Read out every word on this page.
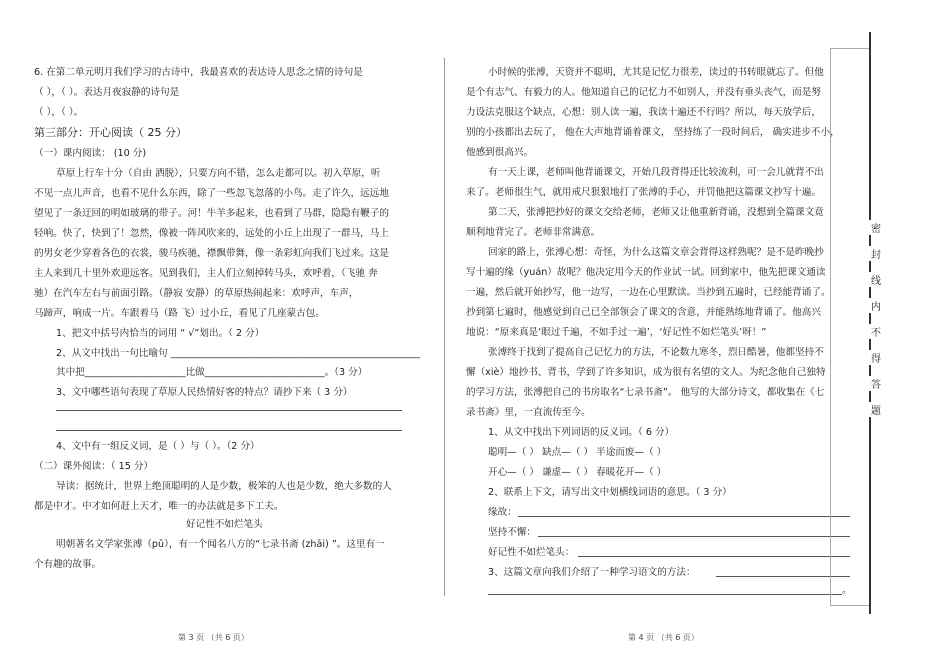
6. 在第二单元明月我们学习的古诗中，我最喜欢的表达诗人思念之情的诗句是
（ ），（ ）。表达月夜寂静的诗句是
（ ），（ ）。
第三部分：开心阅读（ 25 分）
（一）课内阅读： (10 分)
草原上行车十分（自由 洒脱），只要方向不错，怎么走都可以。初入草原，听
不见一点儿声音，也看不见什么东西，除了一些忽飞忽落的小鸟。走了许久，远远地
望见了一条迂回的明如玻璃的带子。河！牛羊多起来，也看到了马群，隐隐有鞭子的
轻响。快了，快到了！忽然，像被一阵风吹来的，远处的小丘上出现了一群马，马上
的男女老少穿着各色的衣裳，骏马疾驰，襟飘带舞，像一条彩虹向我们飞过来。这是
主人来到几十里外欢迎远客。见到我们，主人们立刻掉转马头，欢呼着，（飞驰 奔
驰）在汽车左右与前面引路。（静寂 安静）的草原热闹起来：欢呼声，车声，
马蹄声，响成一片。车跟着马（路 飞）过小丘，看见了几座蒙古包。
1、把文中括号内恰当的词用 “ √”划出。（ 2 分）
2、从文中找出一句比喻句 ____________________________________________________
其中把_____________________比做_________________________。（3 分）
3、文中哪些语句表现了草原人民热情好客的特点？请抄下来（ 3 分）
4、文中有一组反义词，是（ ）与（ ）。（2 分）
（二）课外阅读：（ 15 分）
导读：据统计，世界上绝顶聪明的人是少数，极笨的人也是少数，绝大多数的人
都是中才。中才如何赶上天才，唯一的办法就是多下工夫。
好记性不如烂笔头
明朝著名文学家张溥（pǔ），有一个闻名八方的“七录书斋 (zhāi) ”。这里有一
个有趣的故事。
第 3 页 （共 6 页）
小时候的张溥，天资并不聪明，尤其是记忆力很差，读过的书转眼就忘了。但他
是个有志气、有毅力的人。他知道自己的记忆力不如别人，并没有垂头丧气，而是努
力设法克服这个缺点，心想：别人读一遍，我读十遍还不行吗？所以，每天放学后，
别的小孩都出去玩了， 他在大声地背诵着课文， 坚持练了一段时间后， 确实进步不小，
他感到很高兴。
有一天上课，老师叫他背诵课文，开始几段背得还比较流利，可一会儿就背不出
来了。老师很生气，就用戒尺狠狠地打了张溥的手心，并罚他把这篇课文抄写十遍。
第二天，张溥把抄好的课文交给老师，老师又让他重新背诵，没想到全篇课文竟
顺利地背完了。老师非常满意。
回家的路上，张溥心想：奇怪，为什么这篇文章会背得这样熟呢？是不是昨晚抄
写十遍的缘（yuán）故呢？他决定用今天的作业试一试。回到家中，他先把课文通读
一遍，然后就开始抄写，他一边写，一边在心里默读。当抄到五遍时，已经能背诵了。
抄到第七遍时，他感觉到自己已全部领会了课文的含意，并能熟练地背诵了。他高兴
地说：“原来真是‘眼过千遍，不如手过一遍’，‘好记性不如烂笔头’呀！”
张溥终于找到了提高自己记忆力的方法，不论数九寒冬，烈日酷暑，他都坚持不
懈（xiè）地抄书、背书，学到了许多知识，成为很有名望的文人。为纪念他自己独特
的学习方法，张溥把自己的书房取名“七录书斋”。 他写的大部分诗文，都收集在《七
录书斋》里，一直流传至今。
1、从文中找出下列词语的反义词。（ 6 分）
聪明—（ ） 缺点—（ ） 半途而废—（ ）
开心—（ ） 谦虚—（ ） 春暖花开—（ ）
2、联系上下文，请写出文中划横线词语的意思。（ 3 分）
缘故：
坚持不懈：
好记性不如烂笔头：
3、这篇文章向我们介绍了一种学习语文的方法：
。
第 4 页 （共 6 页）
密
封
线
内
不
得
答
题
